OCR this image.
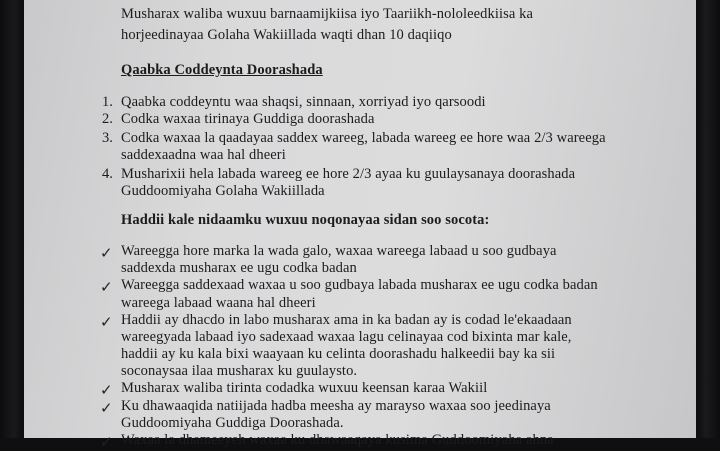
Musharax waliba wuxuu barnaamijkiisa iyo Taariikh-nololeedkiisa ka
horjeedinayaa Golaha Wakiillada waqti dhan 10 daqiiqo
Qaabka Coddeynta Doorashada
1. Qaabka coddeyntu waa shaqsi, sinnaan, xorriyad iyo qarsoodi
2. Codka waxaa tirinaya Guddiga doorashada
3. Codka waxaa la qaadayaa saddex wareeg, labada wareeg ee hore waa 2/3 wareega
saddexaadna waa hal dheeri
4. Musharixii hela labada wareeg ee hore 2/3 ayaa ku guulaysanaya doorashada
Guddoomiyaha Golaha Wakiillada
Haddii kale nidaamku wuxuu noqonayaa sidan soo socota:
✓ Wareegga hore marka la wada galo, waxaa wareega labaad u soo gudbaya
saddexda musharax ee ugu codka badan
✓ Wareegga saddexaad waxaa u soo gudbaya labada musharax ee ugu codka badan
wareega labaad waana hal dheeri
✓ Haddii ay dhacdo in labo musharax ama in ka badan ay is codad le'ekaadaan
wareegyada labaad iyo sadexaad waxaa lagu celinayaa cod bixinta mar kale,
haddii ay ku kala bixi waayaan ku celinta doorashadu halkeedii bay ka sii
soconaysaa ilaa musharax ku guulaysto.
✓ Musharax waliba tirinta codadka wuxuu keensan karaa Wakiil
✓ Ku dhawaaqida natiijada hadba meesha ay marayso waxaa soo jeedinaya
Guddoomiyaha Guddiga Doorashada.
✓ Waxaa la dhameeyeh waxaa ku dhawaaqaya kusima Guddoomiyaha ahna
